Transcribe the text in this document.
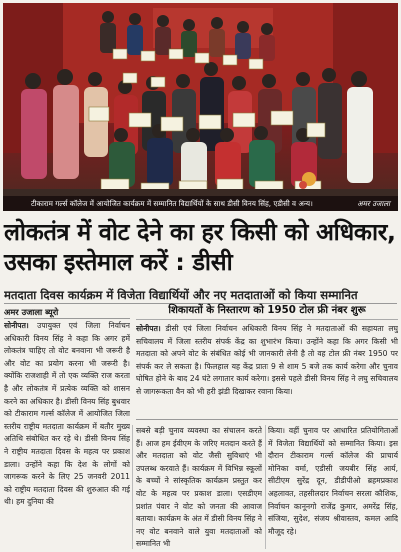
टीकाराम गर्ल्स कॉलेज में आयोजित कार्यक्रम में सम्मानित विद्यार्थियों के साथ डीसी विनय सिंह, एडीसी व अन्य।	अमर उजाला
लोकतंत्र में वोट देने का हर किसी को अधिकार, उसका इस्तेमाल करें : डीसी
मतदाता दिवस कार्यक्रम में विजेता विद्यार्थियों और नए मतदाताओं को किया सम्मानित
अमर उजाला ब्यूरो
सोनीपत। उपायुक्त एवं जिला निर्वाचन अधिकारी विनय सिंह ने कहा कि अगर हमें लोकतंत्र चाहिए तो वोट बनवाना भी जरूरी है और वोट का प्रयोग करना भी जरूरी है। क्योंकि राजशाही में तो एक व्यक्ति राज करता है और लोकतंत्र में प्रत्येक व्यक्ति को शासन करने का अधिकार है। डीसी विनय सिंह बुधवार को टीकाराम गर्ल्स कॉलेज में आयोजित जिला स्तरीय राष्ट्रीय मतदाता कार्यक्रम में बतौर मुख्य अतिथि संबोधित कर रहे थे। डीसी विनय सिंह ने राष्ट्रीय मतदाता दिवस के महत्व पर प्रकाश डाला। उन्होंने कहा कि देश के लोगों को जागरूक करने के लिए 25 जनवरी 2011 को राष्ट्रीय मतदाता दिवस की शुरुआत की गई थी। हम दुनिया की
शिकायतों के निस्तारण को 1950 टोल फ्री नंबर शुरू
सोनीपत। डीसी एवं जिला निर्वाचन अधिकारी विनय सिंह ने मतदाताओं की सहायता लघु सचिवालय में जिला स्तरीय संपर्क केंद्र का शुभारंभ किया। उन्होंने कहा कि अगर किसी भी मतदाता को अपने वोट के संबंधित कोई भी जानकारी लेनी है तो वह टोल फ्री नंबर 1950 पर संपर्क कर ले सकता है। फिलहाल यह केंद्र प्रातः 9 से शाम 5 बजे तक कार्य करेगा और चुनाव घोषित होने के बाद 24 घंटे लगातार कार्य करेगा। इससे पहले डीसी विनय सिंह ने लघु सचिवालय से जागरूकता वैन को भी हरी झंडी दिखाकर रवाना किया।
सबसे बड़ी चुनाव व्यवस्था का संचालन करते हैं। आज हम ईवीएम के जरिए मतदान करते हैं और मतदाता को वोट जैसी सुविधाएं भी उपलब्ध करवाते हैं। कार्यक्रम में विभिन्न स्कूलों के बच्चों ने सांस्कृतिक कार्यक्रम प्रस्तुत कर वोट के महत्व पर प्रकाश डाला। एसडीएम प्रशांत पंवार ने वोट को जनता की आवाज बताया। कार्यक्रम के अंत में डीसी विनय सिंह ने नए वोट बनवाने वाले युवा मतदाताओं को सम्मानित भी
किया। वहीं चुनाव पर आधारित प्रतियोगिताओं में विजेता विद्यार्थियों को सम्मानित किया। इस दौरान टीकाराम गर्ल्स कॉलेज की प्राचार्य मोनिका वर्मा, एडीसी जयबीर सिंह आर्य, सीटीएम सुरेंद्र दून, डीडीपीओ ब्रहमप्रकाश अहलावत, तहसीलदार निर्वाचन सरला कौशिक, निर्वाचन कानूनगो राजेंद्र कुमार, अमरेंद्र सिंह, संजिया, सुदेश, संजय श्रीवास्तव, कमल आदि मौजूद रहे।
